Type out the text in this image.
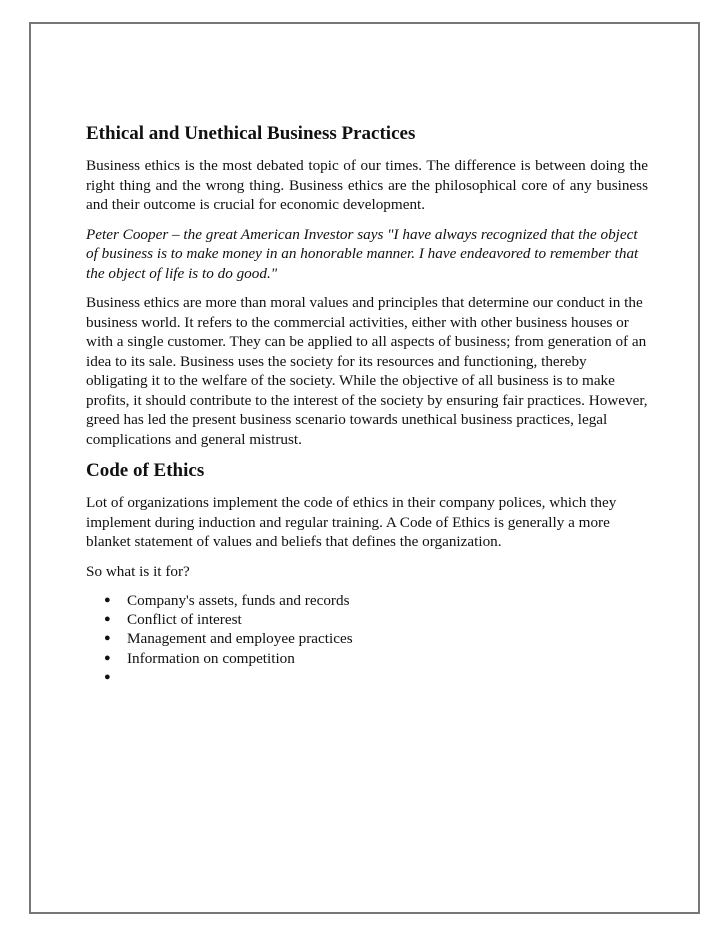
Ethical and Unethical Business Practices

Business ethics is the most debated topic of our times. The difference is between doing the right thing and the wrong thing. Business ethics are the philosophical core of any business and their outcome is crucial for economic development.

Peter Cooper – the great American Investor says "I have always recognized that the object of business is to make money in an honorable manner. I have endeavored to remember that the object of life is to do good."

Business ethics are more than moral values and principles that determine our conduct in the business world. It refers to the commercial activities, either with other business houses or with a single customer. They can be applied to all aspects of business; from generation of an idea to its sale. Business uses the society for its resources and functioning, thereby obligating it to the welfare of the society. While the objective of all business is to make profits, it should contribute to the interest of the society by ensuring fair practices. However, greed has led the present business scenario towards unethical business practices, legal complications and general mistrust.

Code of Ethics

Lot of organizations implement the code of ethics in their company polices, which they implement during induction and regular training. A Code of Ethics is generally a more blanket statement of values and beliefs that defines the organization.

So what is it for?

● Company's assets, funds and records
● Conflict of interest
● Management and employee practices
● Information on competition
●
